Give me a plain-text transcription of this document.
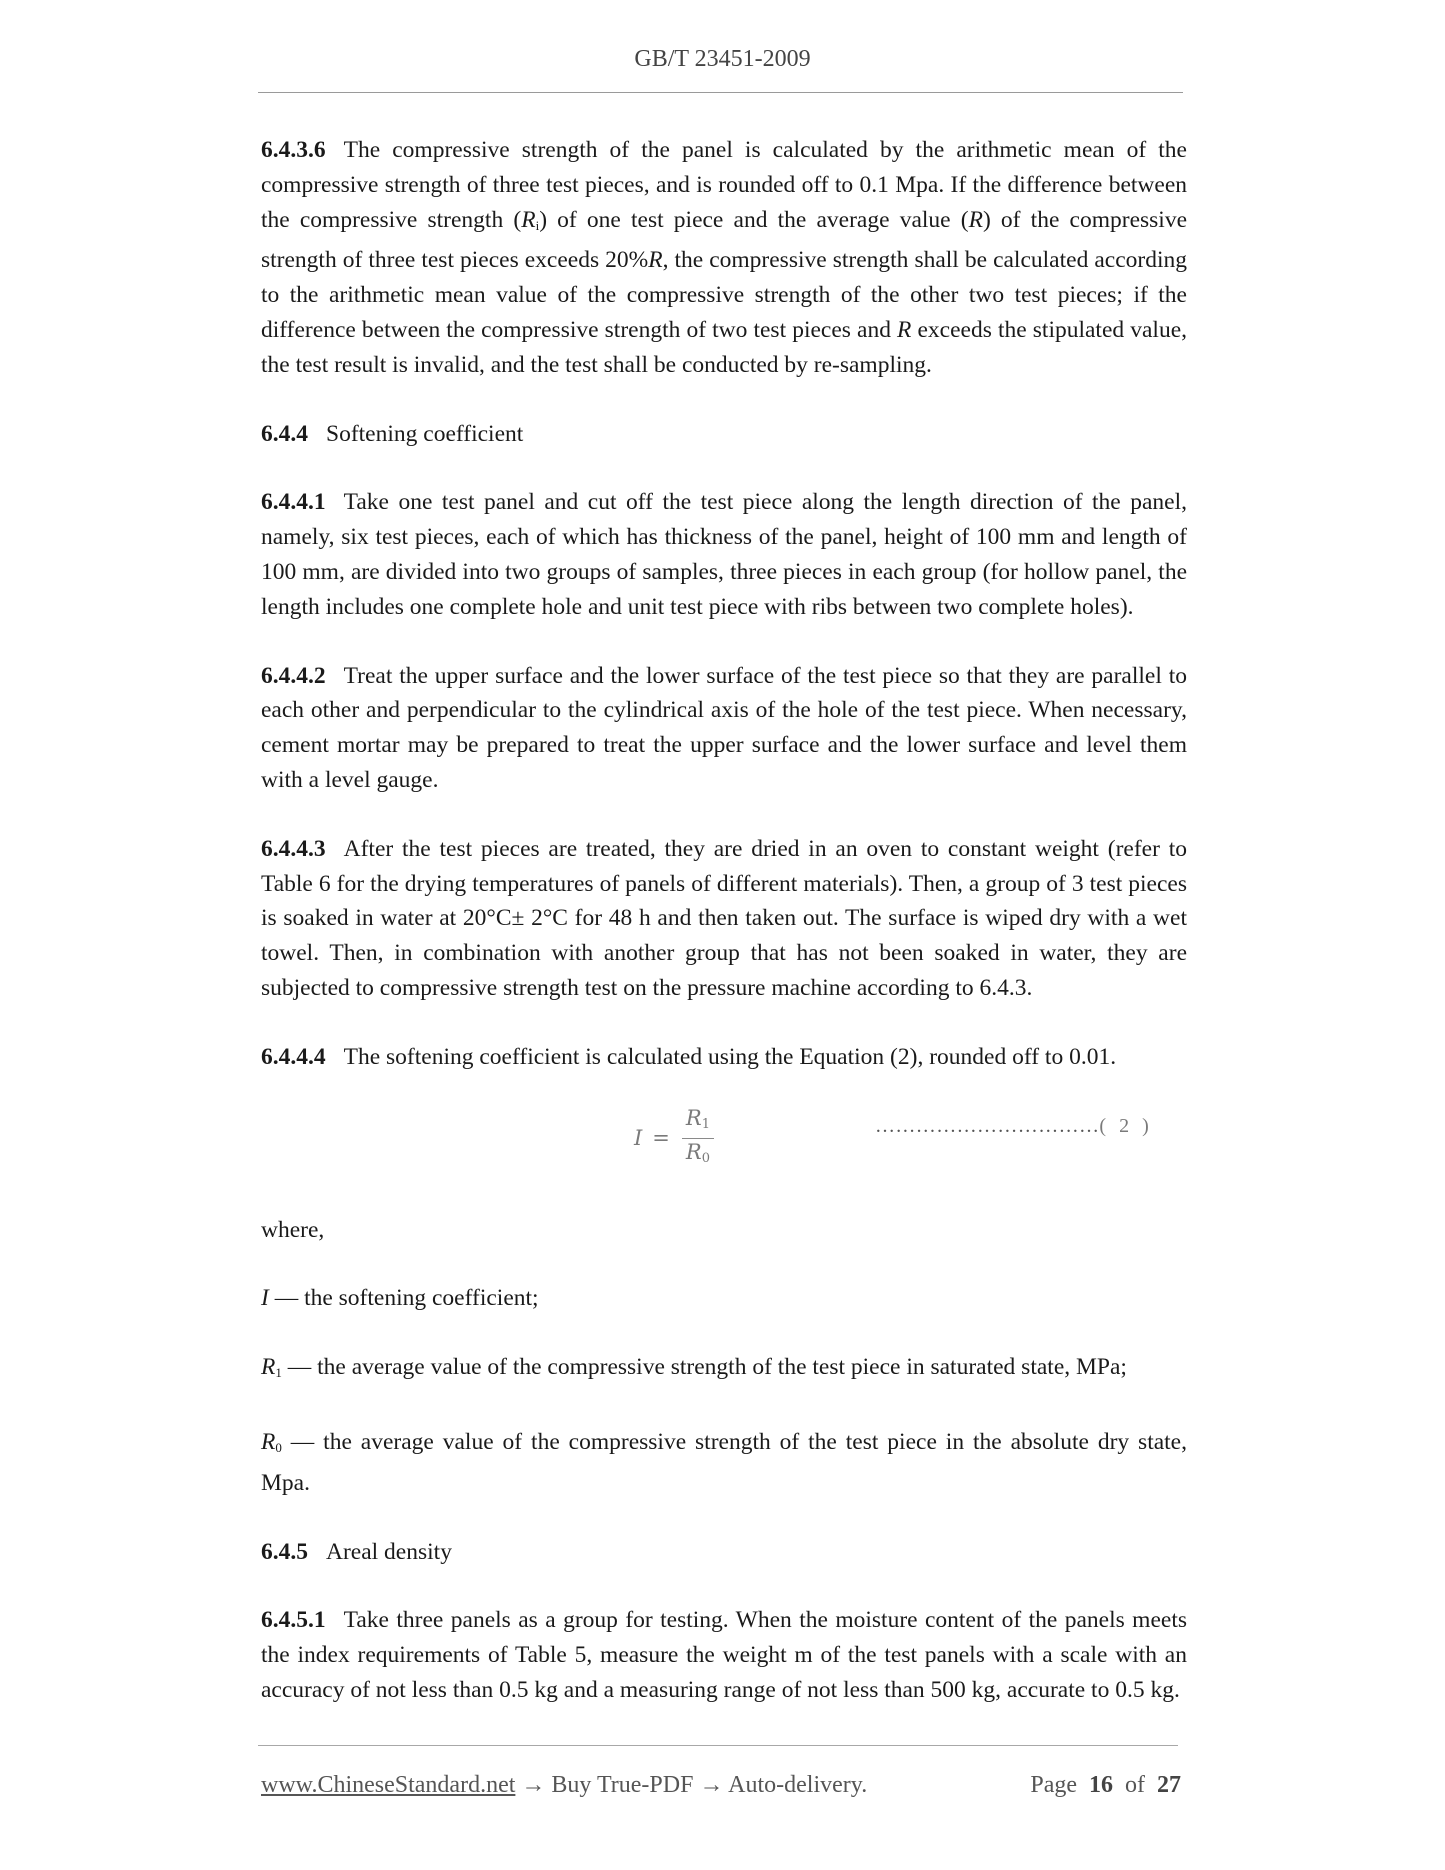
GB/T 23451-2009

6.4.3.6 The compressive strength of the panel is calculated by the arithmetic mean of the compressive strength of three test pieces, and is rounded off to 0.1 Mpa. If the difference between the compressive strength $(R_i)$ of one test piece and the average value (R) of the compressive strength of three test pieces exceeds 20%R, the compressive strength shall be calculated according to the arithmetic mean value of the compressive strength of the other two test pieces; if the difference between the compressive strength of two test pieces and R exceeds the stipulated value, the test result is invalid, and the test shall be conducted by re-sampling.

6.4.4 Softening coefficient

6.4.4.1 Take one test panel and cut off the test piece along the length direction of the panel, namely, six test pieces, each of which has thickness of the panel, height of 100 mm and length of 100 mm, are divided into two groups of samples, three pieces in each group (for hollow panel, the length includes one complete hole and unit test piece with ribs between two complete holes).

6.4.4.2 Treat the upper surface and the lower surface of the test piece so that they are parallel to each other and perpendicular to the cylindrical axis of the hole of the test piece. When necessary, cement mortar may be prepared to treat the upper surface and the lower surface and level them with a level gauge.

6.4.4.3 After the test pieces are treated, they are dried in an oven to constant weight (refer to Table 6 for the drying temperatures of panels of different materials). Then, a group of 3 test pieces is soaked in water at 20°C± 2°C for 48 h and then taken out. The surface is wiped dry with a wet towel. Then, in combination with another group that has not been soaked in water, they are subjected to compressive strength test on the pressure machine according to 6.4.3.

6.4.4.4 The softening coefficient is calculated using the Equation (2), rounded off to 0.01.

$I = \frac{R_1}{R_0}$	……………………………( 2 )

where,

I — the softening coefficient;

$R_1$ — the average value of the compressive strength of the test piece in saturated state, MPa;

$R_0$ — the average value of the compressive strength of the test piece in the absolute dry state, Mpa.

6.4.5 Areal density

6.4.5.1 Take three panels as a group for testing. When the moisture content of the panels meets the index requirements of Table 5, measure the weight m of the test panels with a scale with an accuracy of not less than 0.5 kg and a measuring range of not less than 500 kg, accurate to 0.5 kg.

www.ChineseStandard.net → Buy True-PDF → Auto-delivery.	Page 16 of 27
